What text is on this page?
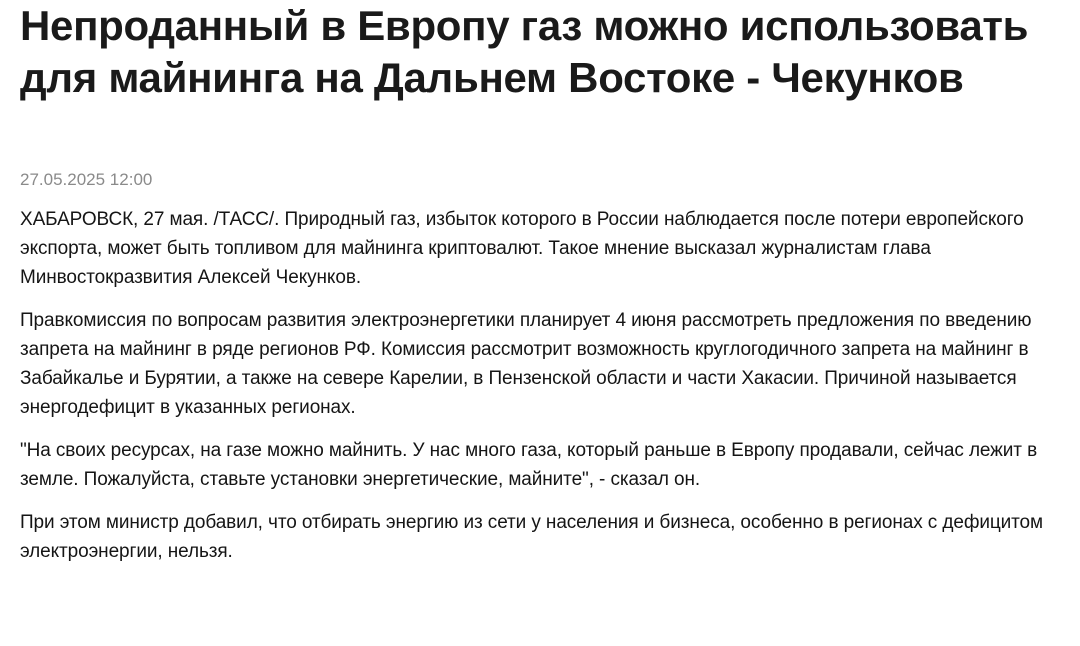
Непроданный в Европу газ можно использовать для майнинга на Дальнем Востоке - Чекунков
27.05.2025 12:00

ХАБАРОВСК, 27 мая. /ТАСС/. Природный газ, избыток которого в России наблюдается после потери европейского экспорта, может быть топливом для майнинга криптовалют. Такое мнение высказал журналистам глава Минвостокразвития Алексей Чекунков.

Правкомиссия по вопросам развития электроэнергетики планирует 4 июня рассмотреть предложения по введению запрета на майнинг в ряде регионов РФ. Комиссия рассмотрит возможность круглогодичного запрета на майнинг в Забайкалье и Бурятии, а также на севере Карелии, в Пензенской области и части Хакасии. Причиной называется энергодефицит в указанных регионах.

"На своих ресурсах, на газе можно майнить. У нас много газа, который раньше в Европу продавали, сейчас лежит в земле. Пожалуйста, ставьте установки энергетические, майните", - сказал он.

При этом министр добавил, что отбирать энергию из сети у населения и бизнеса, особенно в регионах с дефицитом электроэнергии, нельзя.
